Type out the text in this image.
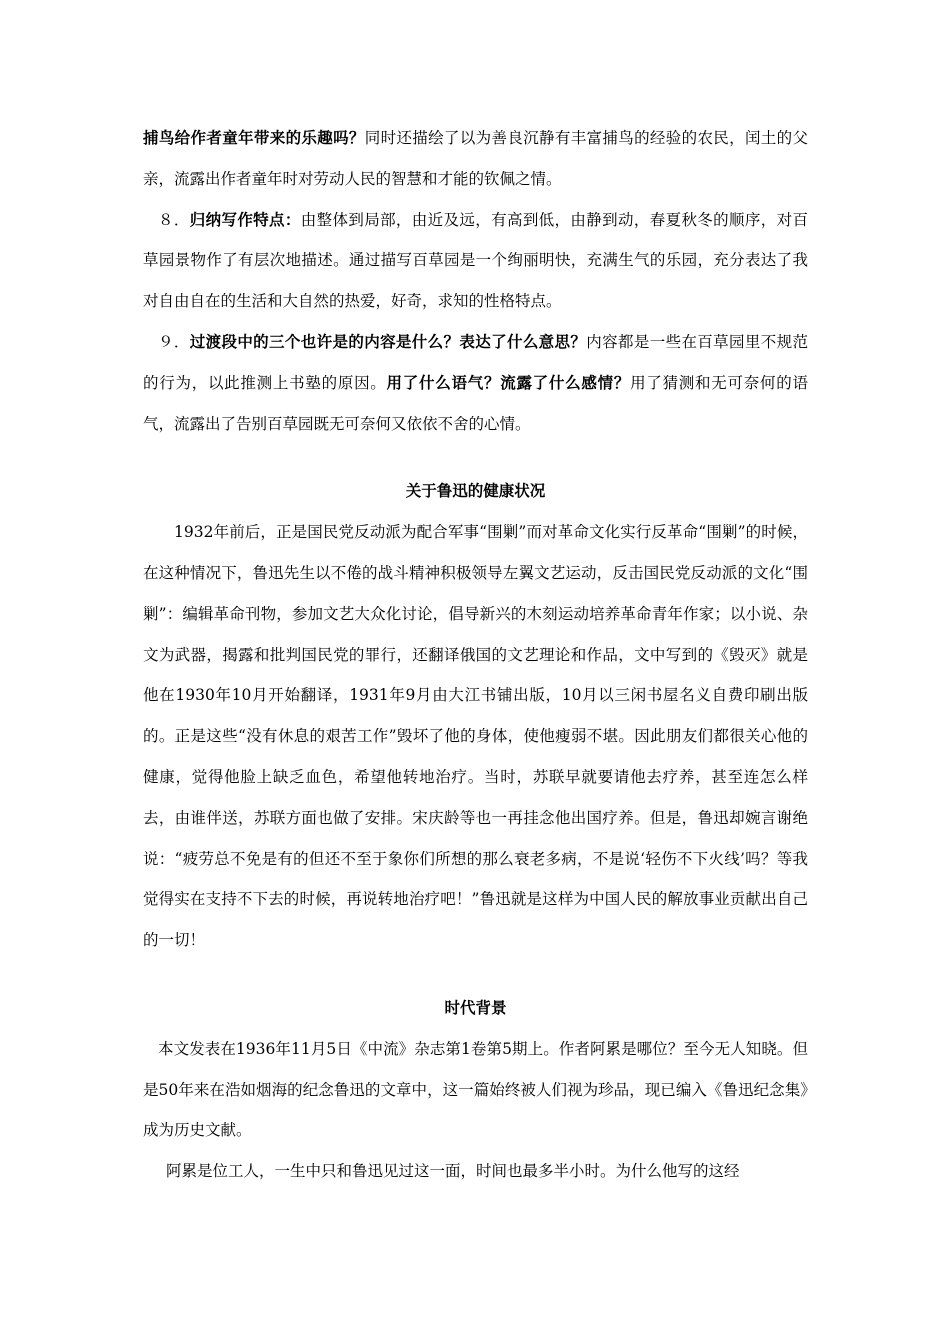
捕鸟给作者童年带来的乐趣吗？同时还描绘了以为善良沉静有丰富捕鸟的经验的农民，闰土的父亲，流露出作者童年时对劳动人民的智慧和才能的钦佩之情。

８．归纳写作特点：由整体到局部，由近及远，有高到低，由静到动，春夏秋冬的顺序，对百草园景物作了有层次地描述。通过描写百草园是一个绚丽明快，充满生气的乐园，充分表达了我对自由自在的生活和大自然的热爱，好奇，求知的性格特点。

９．过渡段中的三个也许是的内容是什么？表达了什么意思？内容都是一些在百草园里不规范的行为，以此推测上书塾的原因。用了什么语气？流露了什么感情？用了猜测和无可奈何的语气，流露出了告别百草园既无可奈何又依依不舍的心情。

关于鲁迅的健康状况

1932年前后，正是国民党反动派为配合军事“围剿”而对革命文化实行反革命“围剿”的时候，在这种情况下，鲁迅先生以不倦的战斗精神积极领导左翼文艺运动，反击国民党反动派的文化“围剿”：编辑革命刊物，参加文艺大众化讨论，倡导新兴的木刻运动培养革命青年作家；以小说、杂文为武器，揭露和批判国民党的罪行，还翻译俄国的文艺理论和作品，文中写到的《毁灭》就是他在1930年10月开始翻译，1931年9月由大江书铺出版，10月以三闲书屋名义自费印刷出版的。正是这些“没有休息的艰苦工作”毁坏了他的身体，使他瘦弱不堪。因此朋友们都很关心他的健康，觉得他脸上缺乏血色，希望他转地治疗。当时，苏联早就要请他去疗养，甚至连怎么样去，由谁伴送，苏联方面也做了安排。宋庆龄等也一再挂念他出国疗养。但是，鲁迅却婉言谢绝说：“疲劳总不免是有的但还不至于象你们所想的那么衰老多病，不是说‘轻伤不下火线’吗？等我觉得实在支持不下去的时候，再说转地治疗吧！”鲁迅就是这样为中国人民的解放事业贡献出自己的一切！

时代背景

本文发表在1936年11月5日《中流》杂志第1卷第5期上。作者阿累是哪位？至今无人知晓。但是50年来在浩如烟海的纪念鲁迅的文章中，这一篇始终被人们视为珍品，现已编入《鲁迅纪念集》成为历史文献。

阿累是位工人，一生中只和鲁迅见过这一面，时间也最多半小时。为什么他写的这经
